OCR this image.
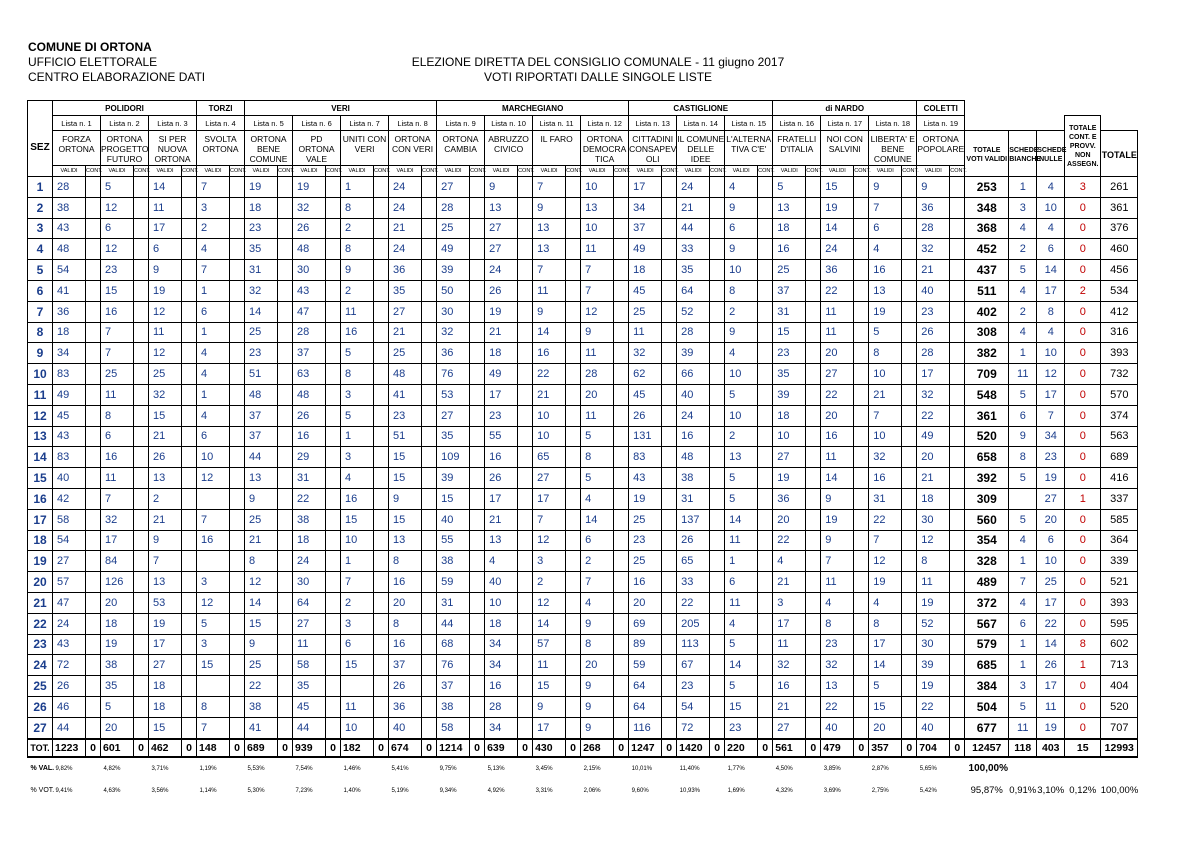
COMUNE DI ORTONA
UFFICIO ELETTORALE
CENTRO ELABORAZIONE DATI
ELEZIONE DIRETTA DEL CONSIGLIO COMUNALE - 11 giugno 2017
VOTI RIPORTATI DALLE SINGOLE LISTE
	POLIDORI						TORZI		VERI								MARCHEGIANO								CASTIGLIONE						di NARDO						COLETTI						
	Lista n. 1		Lista n. 2		Lista n. 3		Lista n. 4		Lista n. 5		Lista n. 6		Lista n. 7		Lista n. 8		Lista n. 9		Lista n. 10		Lista n. 11		Lista n. 12		Lista n. 13		Lista n. 14		Lista n. 15		Lista n. 16		Lista n. 17		Lista n. 18		Lista n. 19					TOTALE CONT. E PROVV. NON ASSEGN.	
SEZ	FORZA ORTONA		ORTONA PROGETTO FUTURO		SI PER NUOVA ORTONA		SVOLTA ORTONA		ORTONA BENE COMUNE		PD ORTONA VALE		UNITI CON VERI		ORTONA CON VERI		ORTONA CAMBIA		ABRUZZO CIVICO		IL FARO		ORTONA DEMOCRA TICA		CITTADINI CONSAPEV OLI		IL COMUNE DELLE IDEE		L'ALTERNA TIVA C'E'		FRATELLI D'ITALIA		NOI CON SALVINI		LIBERTA' E BENE COMUNE		ORTONA POPOLARE		TOTALE VOTI VALIDI	SCHEDE BIANCHE	SCHEDE NULLE		TOTALE
	VALIDI	CONT.	VALIDI	CONT.	VALIDI	CONT.	VALIDI	CONT.	VALIDI	CONT.	VALIDI	CONT.	VALIDI	CONT.	VALIDI	CONT.	VALIDI	CONT.	VALIDI	CONT.	VALIDI	CONT.	VALIDI	CONT.	VALIDI	CONT.	VALIDI	CONT.	VALIDI	CONT.	VALIDI	CONT.	VALIDI	CONT.	VALIDI	CONT.	VALIDI	CONT.					
1	28		5		14		7		19		19		1		24		27		9		7		10		17		24		4		5		15		9		9		253	1	4	3	261
2	38		12		11		3		18		32		8		24		28		13		9		13		34		21		9		13		19		7		36		348	3	10	0	361
3	43		6		17		2		23		26		2		21		25		27		13		10		37		44		6		18		14		6		28		368	4	4	0	376
4	48		12		6		4		35		48		8		24		49		27		13		11		49		33		9		16		24		4		32		452	2	6	0	460
5	54		23		9		7		31		30		9		36		39		24		7		7		18		35		10		25		36		16		21		437	5	14	0	456
6	41		15		19		1		32		43		2		35		50		26		11		7		45		64		8		37		22		13		40		511	4	17	2	534
7	36		16		12		6		14		47		11		27		30		19		9		12		25		52		2		31		11		19		23		402	2	8	0	412
8	18		7		11		1		25		28		16		21		32		21		14		9		11		28		9		15		11		5		26		308	4	4	0	316
9	34		7		12		4		23		37		5		25		36		18		16		11		32		39		4		23		20		8		28		382	1	10	0	393
10	83		25		25		4		51		63		8		48		76		49		22		28		62		66		10		35		27		10		17		709	11	12	0	732
11	49		11		32		1		48		48		3		41		53		17		21		20		45		40		5		39		22		21		32		548	5	17	0	570
12	45		8		15		4		37		26		5		23		27		23		10		11		26		24		10		18		20		7		22		361	6	7	0	374
13	43		6		21		6		37		16		1		51		35		55		10		5		131		16		2		10		16		10		49		520	9	34	0	563
14	83		16		26		10		44		29		3		15		109		16		65		8		83		48		13		27		11		32		20		658	8	23	0	689
15	40		11		13		12		13		31		4		15		39		26		27		5		43		38		5		19		14		16		21		392	5	19	0	416
16	42		7		2				9		22		16		9		15		17		17		4		19		31		5		36		9		31		18		309		27	1	337
17	58		32		21		7		25		38		15		15		40		21		7		14		25		137		14		20		19		22		30		560	5	20	0	585
18	54		17		9		16		21		18		10		13		55		13		12		6		23		26		11		22		9		7		12		354	4	6	0	364
19	27		84		7				8		24		1		8		38		4		3		2		25		65		1		4		7		12		8		328	1	10	0	339
20	57		126		13		3		12		30		7		16		59		40		2		7		16		33		6		21		11		19		11		489	7	25	0	521
21	47		20		53		12		14		64		2		20		31		10		12		4		20		22		11		3		4		4		19		372	4	17	0	393
22	24		18		19		5		15		27		3		8		44		18		14		9		69		205		4		17		8		8		52		567	6	22	0	595
23	43		19		17		3		9		11		6		16		68		34		57		8		89		113		5		11		23		17		30		579	1	14	8	602
24	72		38		27		15		25		58		15		37		76		34		11		20		59		67		14		32		32		14		39		685	1	26	1	713
25	26		35		18				22		35				26		37		16		15		9		64		23		5		16		13		5		19		384	3	17	0	404
26	46		5		18		8		38		45		11		36		38		28		9		9		64		54		15		21		22		15		22		504	5	11	0	520
27	44		20		15		7		41		44		10		40		58		34		17		9		116		72		23		27		40		20		40		677	11	19	0	707
TOT.	1223	0	601	0	462	0	148	0	689	0	939	0	182	0	674	0	1214	0	639	0	430	0	268	0	1247	0	1420	0	220	0	561	0	479	0	357	0	704	0	12457	118	403	15	12993
% VAL.	9,82%		4,82%		3,71%		1,19%		5,53%		7,54%		1,46%		5,41%		9,75%		5,13%		3,45%		2,15%		10,01%		11,40%		1,77%		4,50%		3,85%		2,87%		5,65%		100,00%				
% VOT.	9,41%		4,63%		3,56%		1,14%		5,30%		7,23%		1,40%		5,19%		9,34%		4,92%		3,31%		2,06%		9,60%		10,93%		1,69%		4,32%		3,69%		2,75%		5,42%		95,87%	0,91%	3,10%	0,12%	100,00%
